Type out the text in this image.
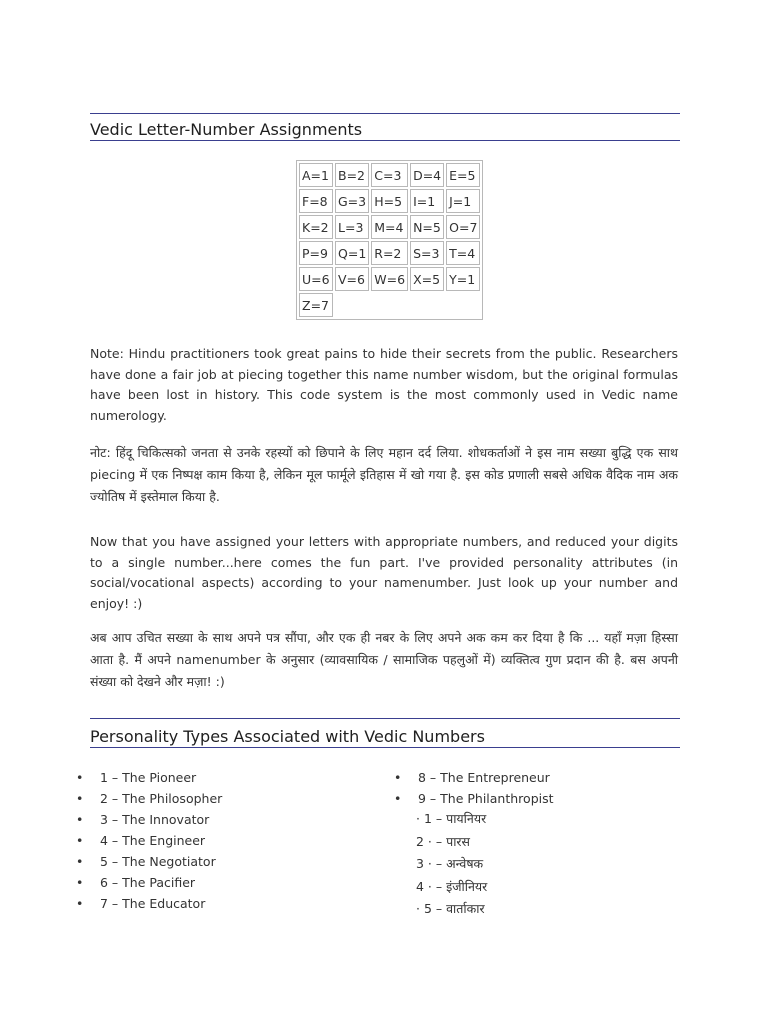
Vedic Letter-Number Assignments
A=1	B=2	C=3	D=4	E=5
F=8	G=3	H=5	I=1	J=1
K=2	L=3	M=4	N=5	O=7
P=9	Q=1	R=2	S=3	T=4
U=6	V=6	W=6	X=5	Y=1
Z=7				

Note: Hindu practitioners took great pains to hide their secrets from the public. Researchers have done a fair job at piecing together this name number wisdom, but the original formulas have been lost in history. This code system is the most commonly used in Vedic name numerology.

नोट: हिंदू चिकित्सको जनता से उनके रहस्यों को छिपाने के लिए महान दर्द लिया. शोधकर्ताओं ने इस नाम सख्या बुद्धि एक साथ piecing में एक निष्पक्ष काम किया है, लेकिन मूल फार्मूले इतिहास में खो गया है. इस कोड प्रणाली सबसे अधिक वैदिक नाम अक ज्योतिष में इस्तेमाल किया है.

Now that you have assigned your letters with appropriate numbers, and reduced your digits to a single number...here comes the fun part. I've provided personality attributes (in social/vocational aspects) according to your namenumber. Just look up your number and enjoy! :)

अब आप उचित सख्या के साथ अपने पत्र सौंपा, और एक ही नबर के लिए अपने अक कम कर दिया है कि ... यहाँ मज़ा हिस्सा आता है. मैं अपने namenumber के अनुसार (व्यावसायिक / सामाजिक पहलुओं में) व्यक्तित्व गुण प्रदान की है. बस अपनी संख्या को देखने और मज़ा! :)

Personality Types Associated with Vedic Numbers
• 1 – The Pioneer
• 2 – The Philosopher
• 3 – The Innovator
• 4 – The Engineer
• 5 – The Negotiator
• 6 – The Pacifier
• 7 – The Educator
• 8 – The Entrepreneur
• 9 – The Philanthropist
· 1 – पायनियर
2 · – पारस
3 · – अन्वेषक
4 · – इंजीनियर
· 5 – वार्ताकार
